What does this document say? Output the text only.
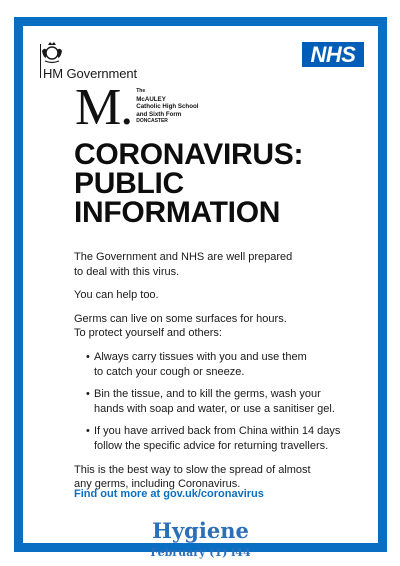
HM Government
NHS
M. The
McAULEY
Catholic High School
and Sixth Form
DONCASTER
CORONAVIRUS:
PUBLIC
INFORMATION

The Government and NHS are well prepared
to deal with this virus.

You can help too.

Germs can live on some surfaces for hours.
To protect yourself and others:

• Always carry tissues with you and use them
to catch your cough or sneeze.
• Bin the tissue, and to kill the germs, wash your
hands with soap and water, or use a sanitiser gel.
• If you have arrived back from China within 14 days
follow the specific advice for returning travellers.

This is the best way to slow the spread of almost
any germs, including Coronavirus.

Find out more at gov.uk/coronavirus
Hygiene
February (1) i44
